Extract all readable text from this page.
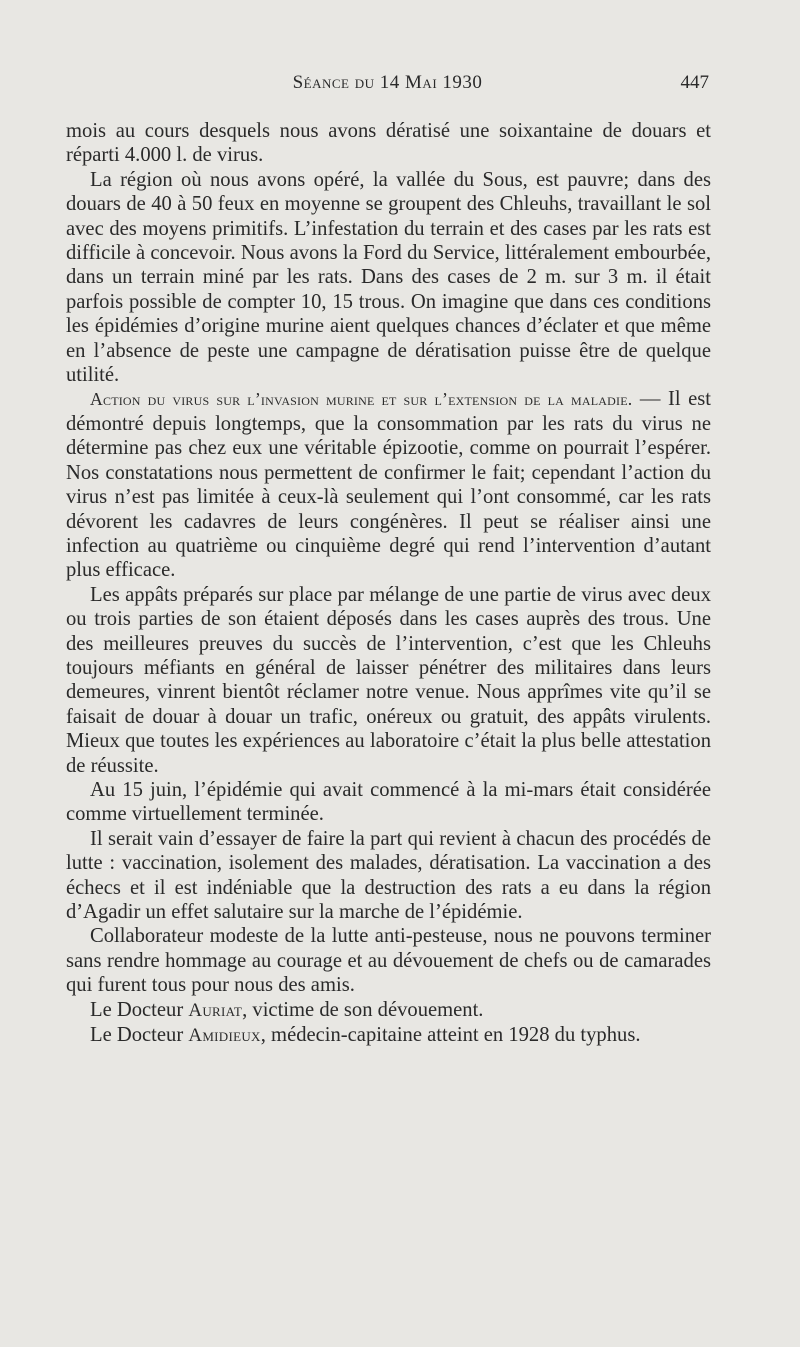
Séance du 14 Mai 1930	447

mois au cours desquels nous avons dératisé une soixantaine de douars et réparti 4.000 l. de virus.

La région où nous avons opéré, la vallée du Sous, est pauvre; dans des douars de 40 à 50 feux en moyenne se groupent des Chleuhs, travaillant le sol avec des moyens primitifs. L’infestation du terrain et des cases par les rats est difficile à concevoir. Nous avons la Ford du Service, littéralement embourbée, dans un terrain miné par les rats. Dans des cases de 2 m. sur 3 m. il était parfois possible de compter 10, 15 trous. On imagine que dans ces conditions les épidémies d’origine murine aient quelques chances d’éclater et que même en l’absence de peste une campagne de dératisation puisse être de quelque utilité.

Action du virus sur l’invasion murine et sur l’extension de la maladie. — Il est démontré depuis longtemps, que la consommation par les rats du virus ne détermine pas chez eux une véritable épizootie, comme on pourrait l’espérer. Nos constatations nous permettent de confirmer le fait; cependant l’action du virus n’est pas limitée à ceux-là seulement qui l’ont consommé, car les rats dévorent les cadavres de leurs congénères. Il peut se réaliser ainsi une infection au quatrième ou cinquième degré qui rend l’intervention d’autant plus efficace.

Les appâts préparés sur place par mélange de une partie de virus avec deux ou trois parties de son étaient déposés dans les cases auprès des trous. Une des meilleures preuves du succès de l’intervention, c’est que les Chleuhs toujours méfiants en général de laisser pénétrer des militaires dans leurs demeures, vinrent bientôt réclamer notre venue. Nous apprîmes vite qu’il se faisait de douar à douar un trafic, onéreux ou gratuit, des appâts virulents. Mieux que toutes les expériences au laboratoire c’était la plus belle attestation de réussite.

Au 15 juin, l’épidémie qui avait commencé à la mi-mars était considérée comme virtuellement terminée.

Il serait vain d’essayer de faire la part qui revient à chacun des procédés de lutte : vaccination, isolement des malades, dératisation. La vaccination a des échecs et il est indéniable que la destruction des rats a eu dans la région d’Agadir un effet salutaire sur la marche de l’épidémie.

Collaborateur modeste de la lutte anti-pesteuse, nous ne pouvons terminer sans rendre hommage au courage et au dévouement de chefs ou de camarades qui furent tous pour nous des amis.

Le Docteur Auriat, victime de son dévouement.

Le Docteur Amidieux, médecin-capitaine atteint en 1928 du typhus.
